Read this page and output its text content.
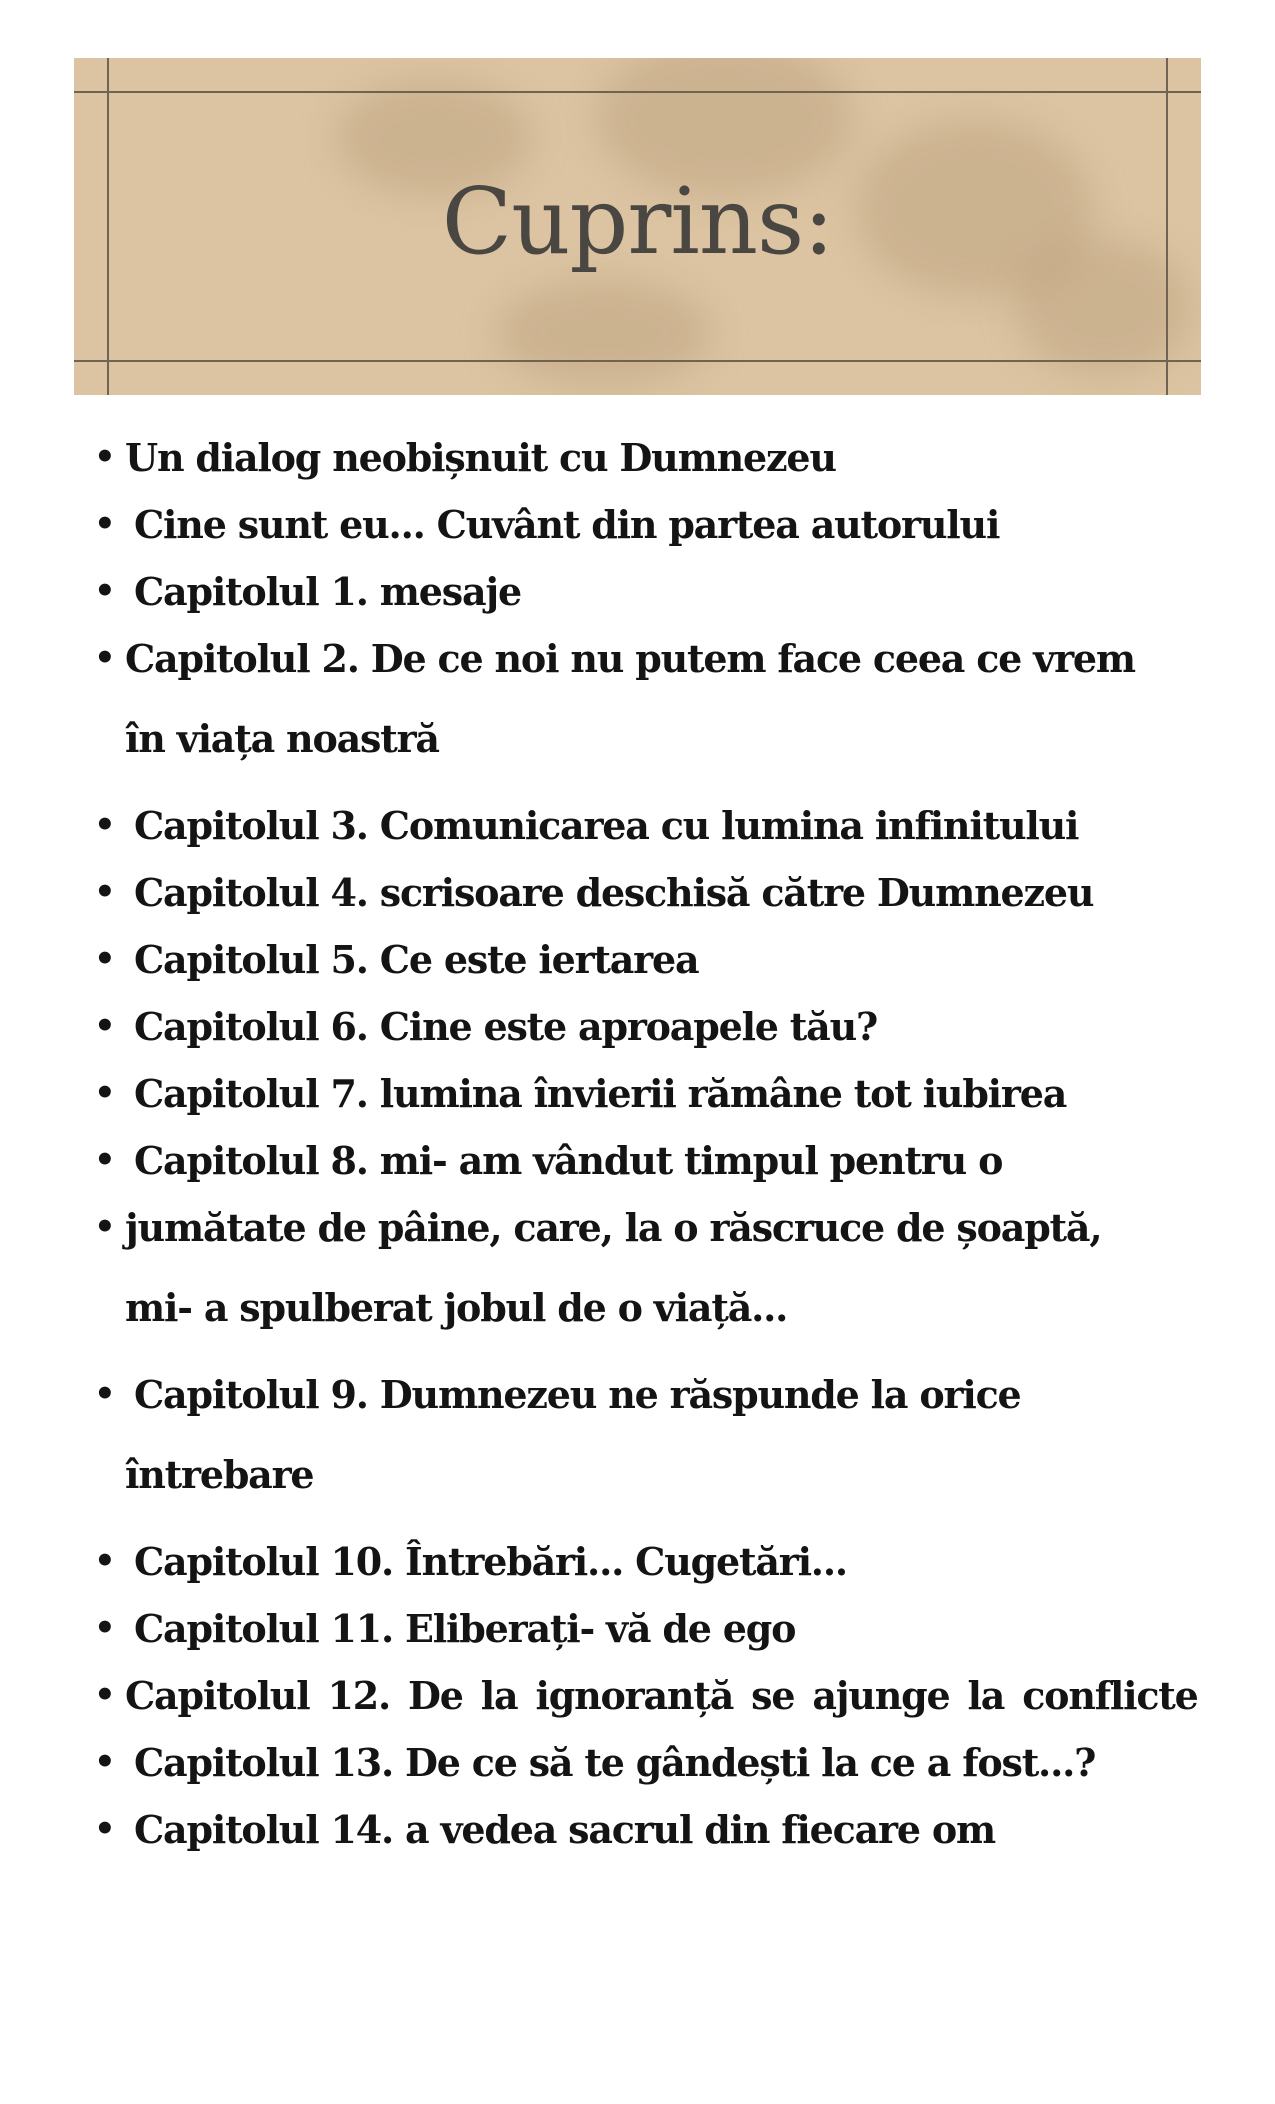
Cuprins:
• Un dialog neobișnuit cu Dumnezeu
• Cine sunt eu... Cuvânt din partea autorului
• Capitolul 1. mesaje
• Capitolul 2. De ce noi nu putem face ceea ce vrem
în viața noastră
• Capitolul 3. Comunicarea cu lumina infinitului
• Capitolul 4. scrisoare deschisă către Dumnezeu
• Capitolul 5. Ce este iertarea
• Capitolul 6. Cine este aproapele tău?
• Capitolul 7. lumina învierii rămâne tot iubirea
• Capitolul 8. mi- am vândut timpul pentru o
• jumătate de pâine, care, la o răscruce de șoaptă,
mi- a spulberat jobul de o viață...
• Capitolul 9. Dumnezeu ne răspunde la orice
întrebare
• Capitolul 10. Întrebări... Cugetări...
• Capitolul 11. Eliberați- vă de ego
• Capitolul 12. De la ignoranță se ajunge la conflicte
• Capitolul 13. De ce să te gândești la ce a fost...?
• Capitolul 14. a vedea sacrul din fiecare om
